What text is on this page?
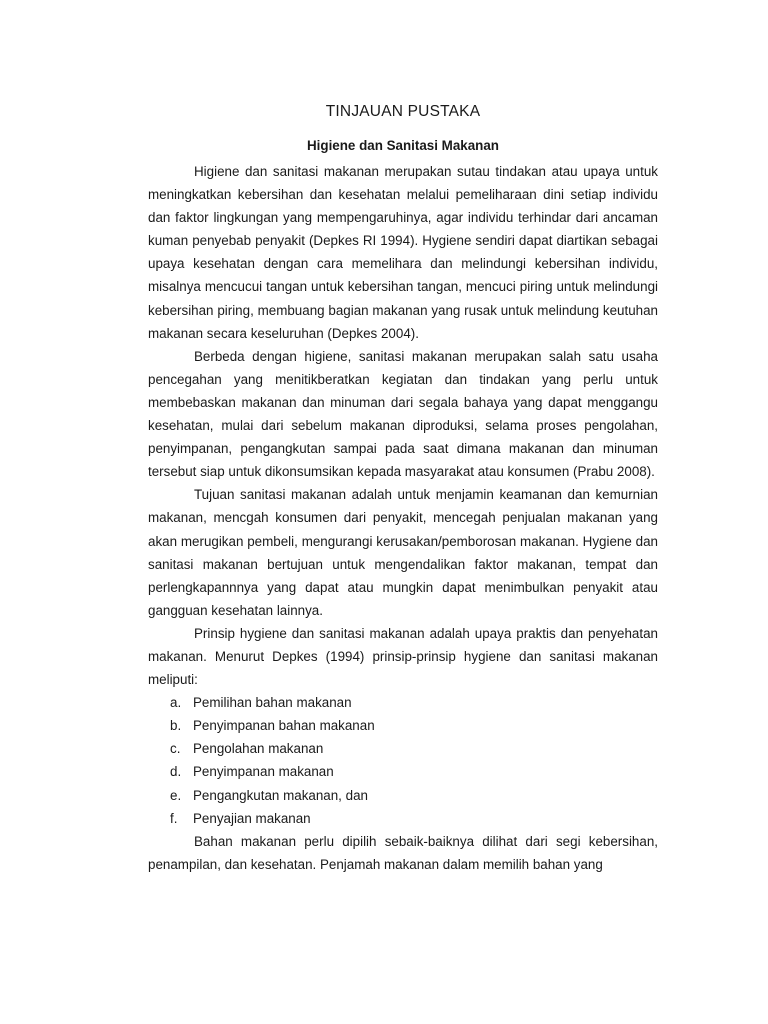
TINJAUAN PUSTAKA
Higiene dan Sanitasi Makanan

Higiene dan sanitasi makanan merupakan sutau tindakan atau upaya untuk meningkatkan kebersihan dan kesehatan melalui pemeliharaan dini setiap individu dan faktor lingkungan yang mempengaruhinya, agar individu terhindar dari ancaman kuman penyebab penyakit (Depkes RI 1994). Hygiene sendiri dapat diartikan sebagai upaya kesehatan dengan cara memelihara dan melindungi kebersihan individu, misalnya mencucui tangan untuk kebersihan tangan, mencuci piring untuk melindungi kebersihan piring, membuang bagian makanan yang rusak untuk melindung keutuhan makanan secara keseluruhan (Depkes 2004).

Berbeda dengan higiene, sanitasi makanan merupakan salah satu usaha pencegahan yang menitikberatkan kegiatan dan tindakan yang perlu untuk membebaskan makanan dan minuman dari segala bahaya yang dapat menggangu kesehatan, mulai dari sebelum makanan diproduksi, selama proses pengolahan, penyimpanan, pengangkutan sampai pada saat dimana makanan dan minuman tersebut siap untuk dikonsumsikan kepada masyarakat atau konsumen (Prabu 2008).

Tujuan sanitasi makanan adalah untuk menjamin keamanan dan kemurnian makanan, mencgah konsumen dari penyakit, mencegah penjualan makanan yang akan merugikan pembeli, mengurangi kerusakan/pemborosan makanan. Hygiene dan sanitasi makanan bertujuan untuk mengendalikan faktor makanan, tempat dan perlengkapannnya yang dapat atau mungkin dapat menimbulkan penyakit atau gangguan kesehatan lainnya.

Prinsip hygiene dan sanitasi makanan adalah upaya praktis dan penyehatan makanan. Menurut Depkes (1994) prinsip-prinsip hygiene dan sanitasi makanan meliputi:

a. Pemilihan bahan makanan
b. Penyimpanan bahan makanan
c. Pengolahan makanan
d. Penyimpanan makanan
e. Pengangkutan makanan, dan
f.	Penyajian makanan

Bahan makanan perlu dipilih sebaik-baiknya dilihat dari segi kebersihan, penampilan, dan kesehatan. Penjamah makanan dalam memilih bahan yang
